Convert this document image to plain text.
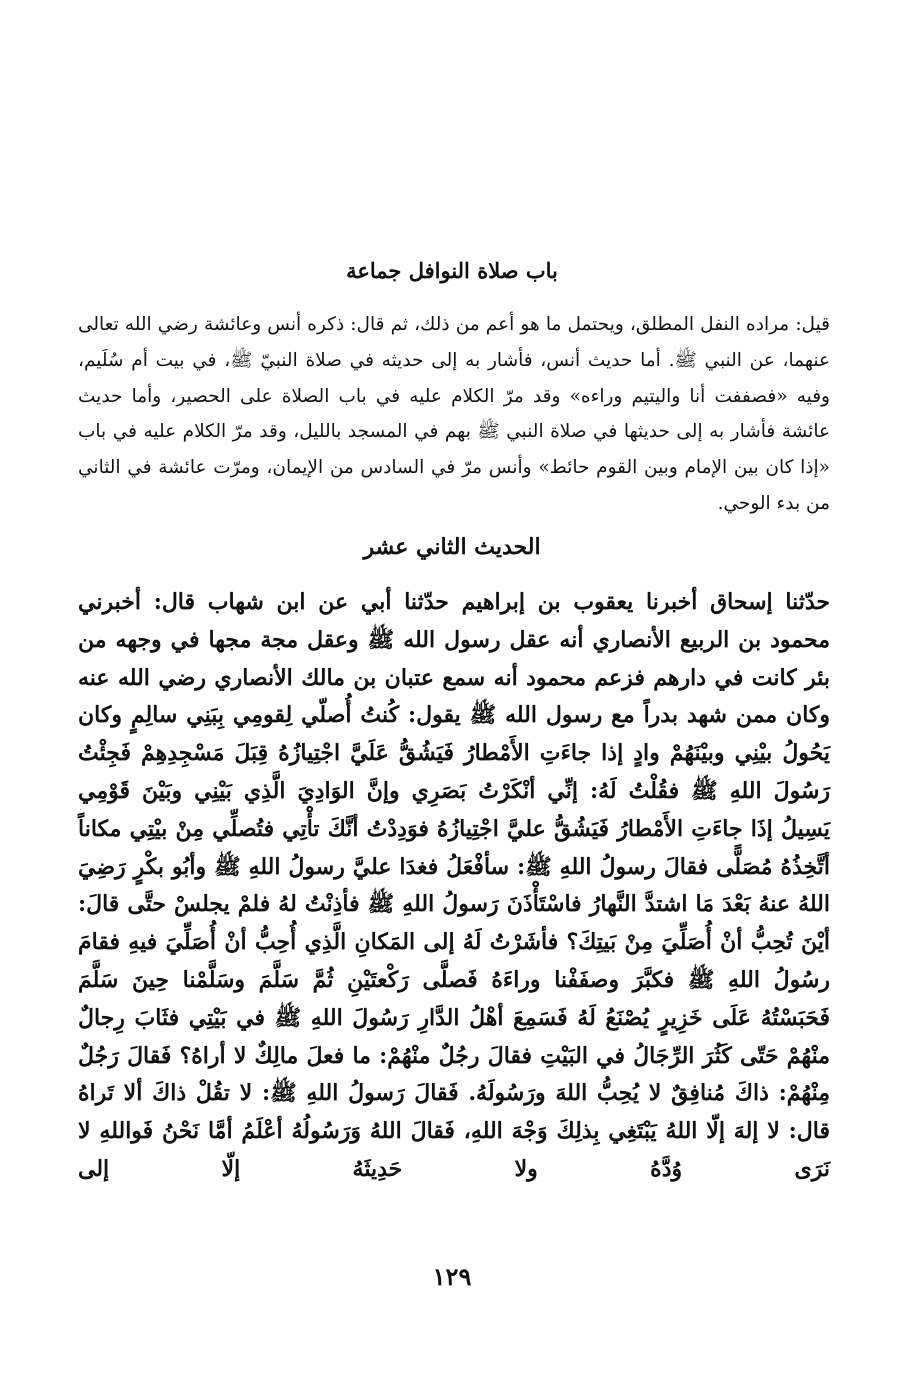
باب صلاة النوافل جماعة

قيل: مراده النفل المطلق، ويحتمل ما هو أعم من ذلك، ثم قال: ذكره أنس وعائشة رضي الله تعالى عنهما، عن النبي ﷺ. أما حديث أنس، فأشار به إلى حديثه في صلاة النبيّ ﷺ، في بيت أم سُلَيم، وفيه «فصففت أنا واليتيم وراءه» وقد مرّ الكلام عليه في باب الصلاة على الحصير، وأما حديث عائشة فأشار به إلى حديثها في صلاة النبي ﷺ بهم في المسجد بالليل، وقد مرّ الكلام عليه في باب «إذا كان بين الإمام وبين القوم حائط» وأنس مرّ في السادس من الإيمان، ومرّت عائشة في الثاني من بدء الوحي.

الحديث الثاني عشر

حدّثنا إسحاق أخبرنا يعقوب بن إبراهيم حدّثنا أبي عن ابن شهاب قال: أخبرني محمود بن الربيع الأنصاري أنه عقل رسول الله ﷺ وعقل مجة مجها في وجهه من بئر كانت في دارهم فزعم محمود أنه سمع عتبان بن مالك الأنصاري رضي الله عنه وكان ممن شهد بدراً مع رسول الله ﷺ يقول: كُنتُ أُصلّي لِقومِي بِبَنِي سالِمٍ وكان يَحُولُ بيْنِي وبيْنَهُمْ وادٍ إذا جاءَتِ الأَمْطارُ فَيَشُقُّ عَلَيَّ اجْتِيازُهُ قِبَلَ مَسْجِدِهِمْ فَجِئْتُ رَسُولَ اللهِ ﷺ فقُلْتُ لَهُ: إنِّي أنْكَرْتُ بَصَرِي وإنَّ الوَادِيَ الَّذِي بَيْنِي وبَيْنَ قَوْمِي يَسِيلُ إذَا جاءَتِ الأَمْطارُ فَيَشُقُّ عليَّ اجْتِيازُهُ فوَدِدْتُ أنَّكَ تأْتِي فتُصلِّي مِنْ بيْتِي مكاناً أتَّخِذُهُ مُصَلًّى فقالَ رسولُ اللهِ ﷺ: سأفْعَلُ فغدَا عليَّ رسولُ اللهِ ﷺ وأبُو بكْرٍ رَضِيَ اللهُ عنهُ بَعْدَ مَا اشتدَّ النَّهارُ فاسْتَأْذَنَ رَسولُ اللهِ ﷺ فأذِنْتُ لهُ فلمْ يجلسْ حتَّى قالَ: أيْنَ تُحِبُّ أنْ أُصَلِّيَ مِنْ بَيتِكَ؟ فأشَرْتُ لَهُ إلى المَكانِ الَّذِي أُحِبُّ أنْ أُصَلِّيَ فيهِ فقامَ رسُولُ اللهِ ﷺ فكبَّرَ وصفَفْنا وراءَهُ فَصلَّى رَكْعتَيْنِ ثُمَّ سَلَّمَ وسَلَّمْنا حِينَ سَلَّمَ فَحَبَسْتُهُ عَلَى خَزِيرٍ يُصْنَعُ لَهُ فَسَمِعَ أهْلُ الدَّارِ رَسُولَ اللهِ ﷺ في بَيْتِي فثَابَ رِجالٌ منْهُمْ حَتّى كَثُرَ الرِّجَالُ في البَيْتِ فقالَ رجُلٌ منْهُمْ: ما فعلَ مالِكٌ لا أراهُ؟ فَقالَ رَجُلٌ مِنْهُمْ: ذاكَ مُنافِقٌ لا يُحِبُّ اللهَ ورَسُولَهُ. فَقالَ رَسولُ اللهِ ﷺ: لا تقُلْ ذاكَ ألا تَراهُ قال: لا إلهَ إلّا اللهُ يَبْتَغِي بِذلِكَ وَجْهَ اللهِ، فَقالَ اللهُ وَرَسُولُهُ أعْلَمُ أمَّا نَحْنُ فَواللهِ لا نَرَى وُدَّهُ ولا حَدِيثَهُ إلّا إلى

١٢٩
